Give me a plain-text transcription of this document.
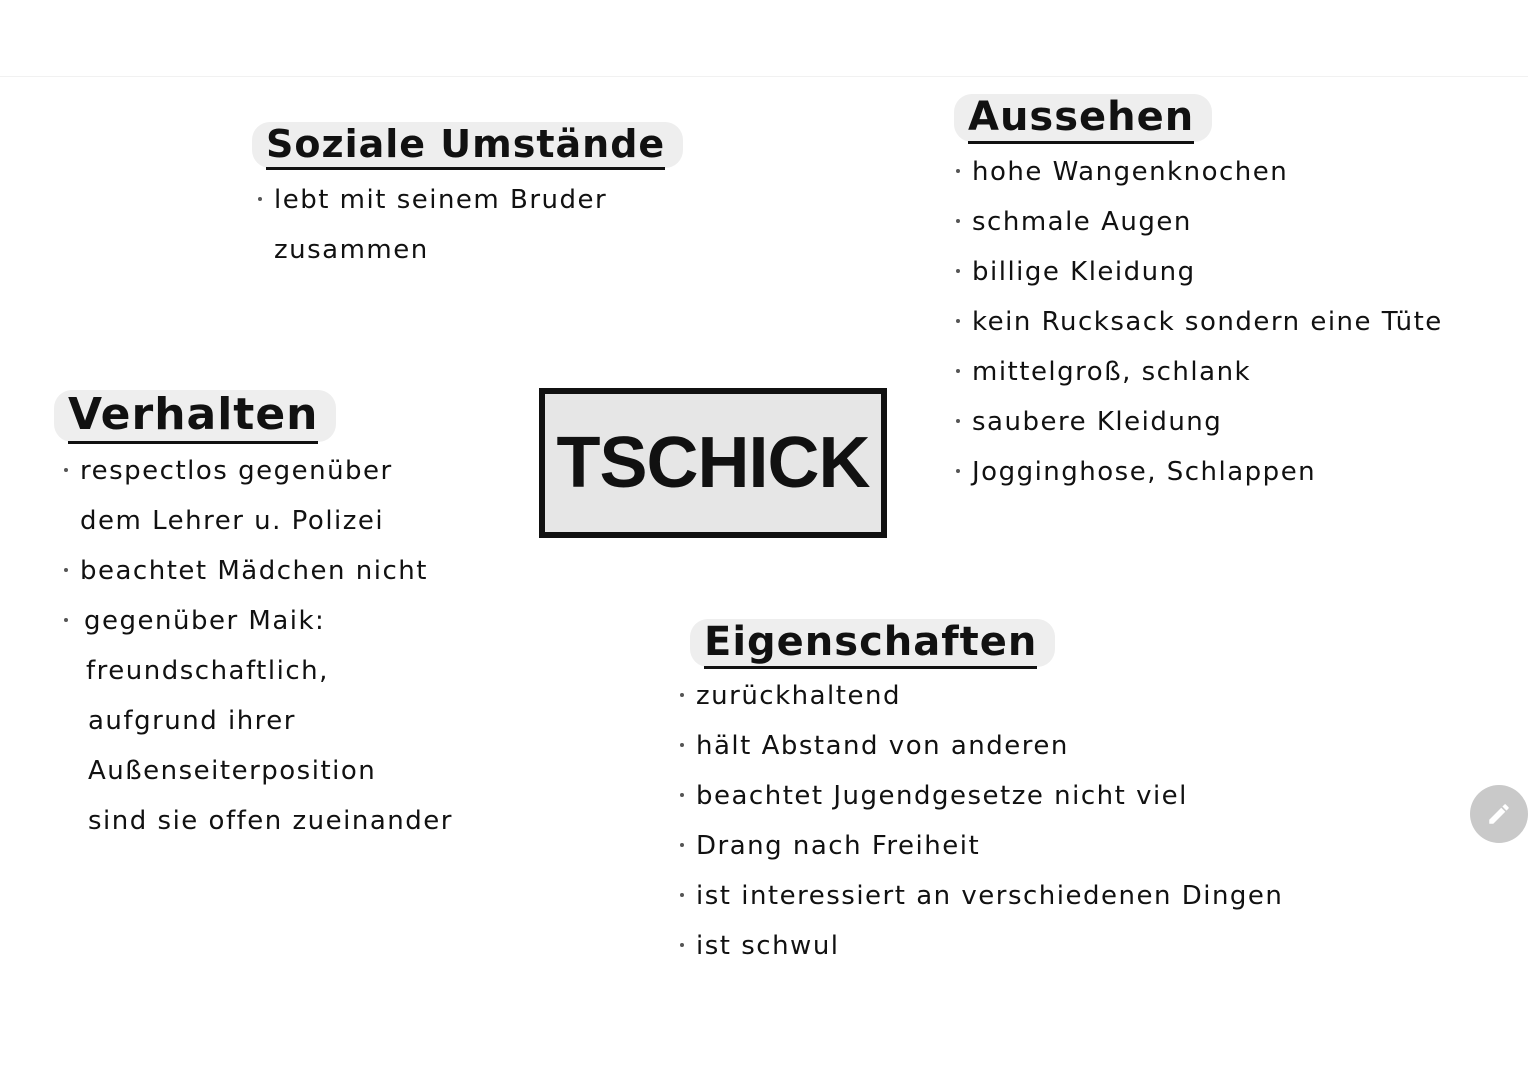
Soziale Umstände
lebt mit seinem Bruder
zusammen
Aussehen
hohe Wangenknochen
schmale Augen
billige Kleidung
kein Rucksack sondern eine Tüte
mittelgroß, schlank
saubere Kleidung
Jogginghose, Schlappen
TSCHICK
Verhalten
respectlos gegenüber
dem Lehrer u. Polizei
beachtet Mädchen nicht
gegenüber Maik:
freundschaftlich,
aufgrund ihrer
Außenseiterposition
sind sie offen zueinander
Eigenschaften
zurückhaltend
hält Abstand von anderen
beachtet Jugendgesetze nicht viel
Drang nach Freiheit
ist interessiert an verschiedenen Dingen
ist schwul
